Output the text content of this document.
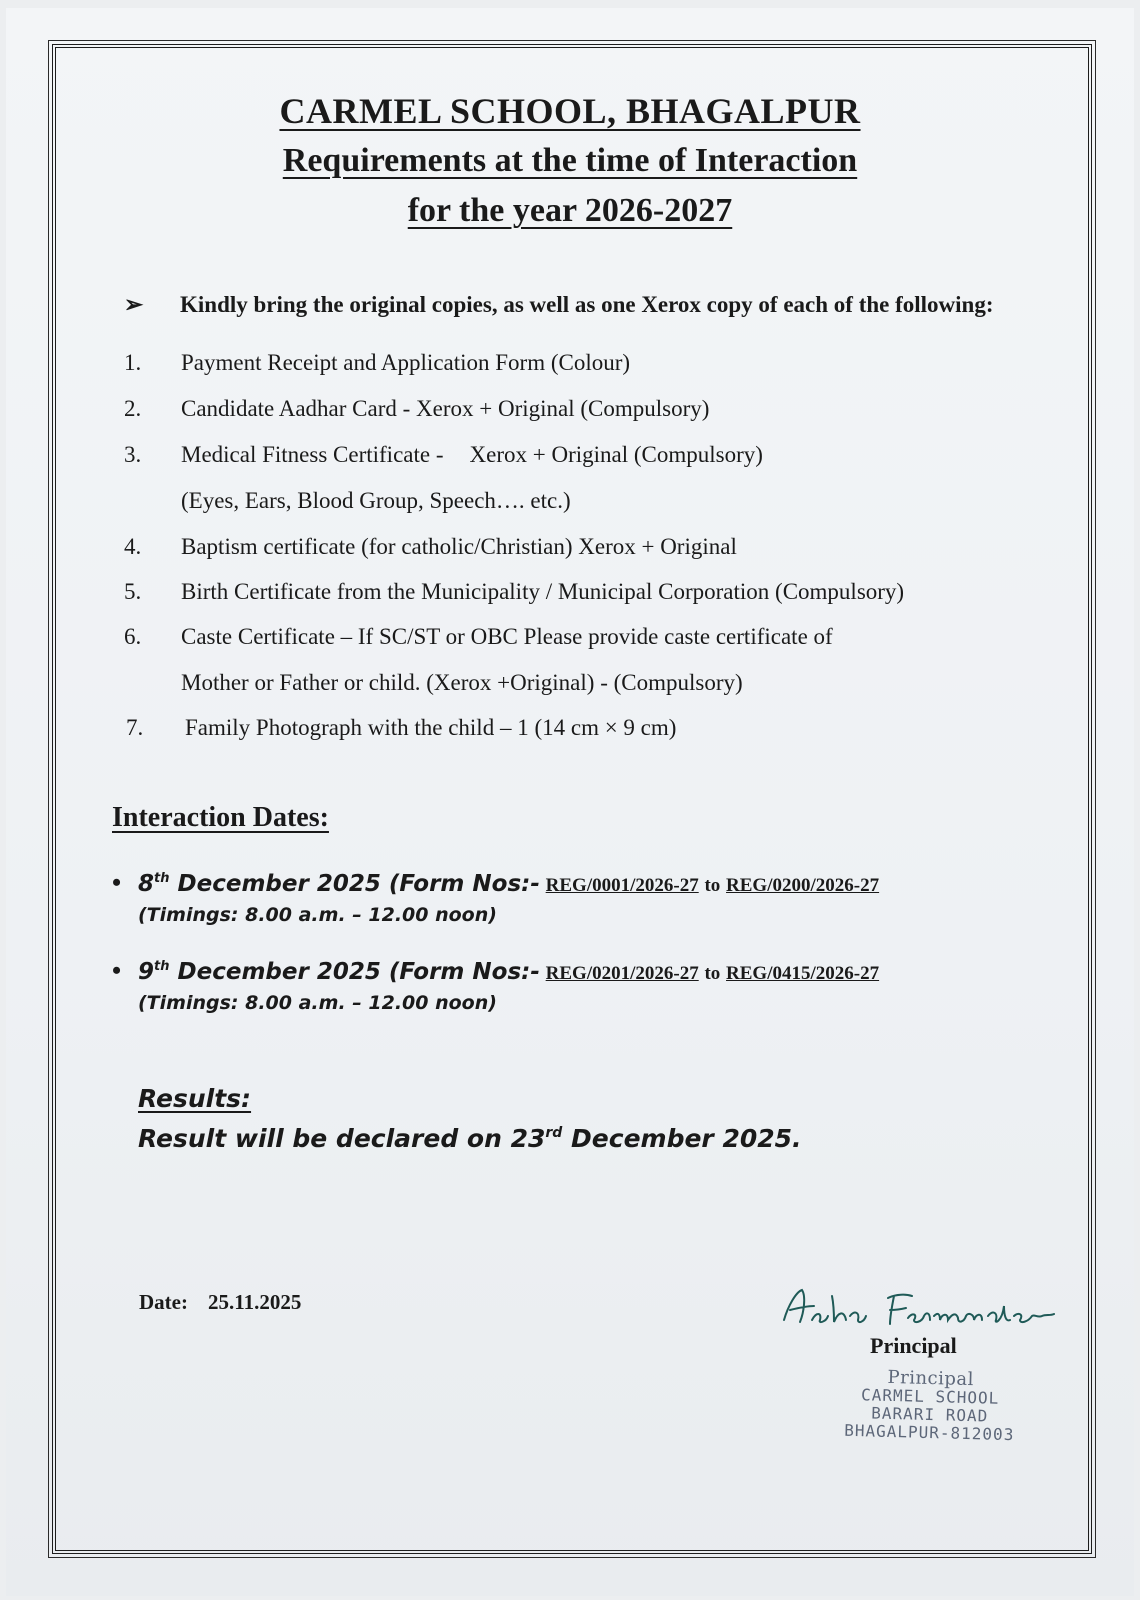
CARMEL SCHOOL, BHAGALPUR
Requirements at the time of Interaction
for the year 2026-2027
➢ Kindly bring the original copies, as well as one Xerox copy of each of the following:
1. Payment Receipt and Application Form (Colour)
2. Candidate Aadhar Card - Xerox + Original (Compulsory)
3. Medical Fitness Certificate - Xerox + Original (Compulsory)
(Eyes, Ears, Blood Group, Speech…. etc.)
4. Baptism certificate (for catholic/Christian) Xerox + Original
5. Birth Certificate from the Municipality / Municipal Corporation (Compulsory)
6. Caste Certificate – If SC/ST or OBC Please provide caste certificate of
Mother or Father or child. (Xerox +Original) - (Compulsory)
7. Family Photograph with the child – 1 (14 cm × 9 cm)
Interaction Dates:
• 8th December 2025 (Form Nos:- REG/0001/2026-27 to REG/0200/2026-27
(Timings: 8.00 a.m. – 12.00 noon)
• 9th December 2025 (Form Nos:- REG/0201/2026-27 to REG/0415/2026-27
(Timings: 8.00 a.m. – 12.00 noon)
Results:
Result will be declared on 23rd December 2025.
Date: 25.11.2025
Principal
Principal
CARMEL SCHOOL
BARARI ROAD
BHAGALPUR-812003
